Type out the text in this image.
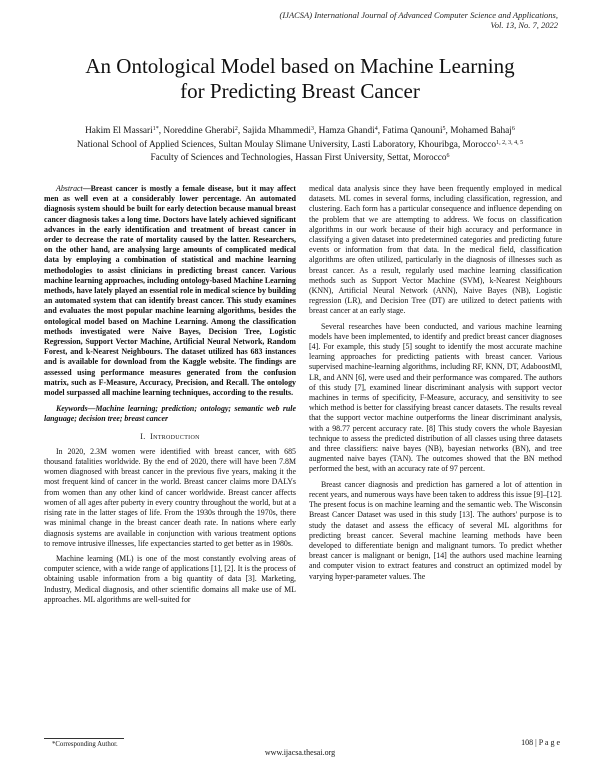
(IJACSA) International Journal of Advanced Computer Science and Applications,
Vol. 13, No. 7, 2022
An Ontological Model based on Machine Learning
for Predicting Breast Cancer
Hakim El Massari$^{1*}$, Noreddine Gherabi$^2$, Sajida Mhammedi$^3$, Hamza Ghandi$^4$, Fatima Qanouni$^5$, Mohamed Bahaj$^6$
National School of Applied Sciences, Sultan Moulay Slimane University, Lasti Laboratory, Khouribga, Morocco$^{1, 2, 3, 4, 5}$
Faculty of Sciences and Technologies, Hassan First University, Settat, Morocco$^6$

Abstract—Breast cancer is mostly a female disease, but it may affect men as well even at a considerably lower percentage. An automated diagnosis system should be built for early detection because manual breast cancer diagnosis takes a long time. Doctors have lately achieved significant advances in the early identification and treatment of breast cancer in order to decrease the rate of mortality caused by the latter. Researchers, on the other hand, are analysing large amounts of complicated medical data by employing a combination of statistical and machine learning methodologies to assist clinicians in predicting breast cancer. Various machine learning approaches, including ontology-based Machine Learning methods, have lately played an essential role in medical science by building an automated system that can identify breast cancer. This study examines and evaluates the most popular machine learning algorithms, besides the ontological model based on Machine Learning. Among the classification methods investigated were Naive Bayes, Decision Tree, Logistic Regression, Support Vector Machine, Artificial Neural Network, Random Forest, and k-Nearest Neighbours. The dataset utilized has 683 instances and is available for download from the Kaggle website. The findings are assessed using performance measures generated from the confusion matrix, such as F-Measure, Accuracy, Precision, and Recall. The ontology model surpassed all machine learning techniques, according to the results.

Keywords—Machine learning; prediction; ontology; semantic web rule language; decision tree; breast cancer

I. Introduction

In 2020, 2.3M women were identified with breast cancer, with 685 thousand fatalities worldwide. By the end of 2020, there will have been 7.8M women diagnosed with breast cancer in the previous five years, making it the most frequent kind of cancer in the world. Breast cancer claims more DALYs from women than any other kind of cancer worldwide. Breast cancer affects women of all ages after puberty in every country throughout the world, but at a rising rate in the latter stages of life. From the 1930s through the 1970s, there was minimal change in the breast cancer death rate. In nations where early diagnosis systems are available in conjunction with various treatment options to remove intrusive illnesses, life expectancies started to get better as in 1980s.

Machine learning (ML) is one of the most constantly evolving areas of computer science, with a wide range of applications [1], [2]. It is the process of obtaining usable information from a big quantity of data [3]. Marketing, Industry, Medical diagnosis, and other scientific domains all make use of ML approaches. ML algorithms are well-suited for

medical data analysis since they have been frequently employed in medical datasets. ML comes in several forms, including classification, regression, and clustering. Each form has a particular consequence and influence depending on the problem that we are attempting to address. We focus on classification algorithms in our work because of their high accuracy and performance in classifying a given dataset into predetermined categories and predicting future events or information from that data. In the medical field, classification algorithms are often utilized, particularly in the diagnosis of illnesses such as breast cancer. As a result, regularly used machine learning classification methods such as Support Vector Machine (SVM), k-Nearest Neighbours (KNN), Artificial Neural Network (ANN), Naive Bayes (NB), Logistic regression (LR), and Decision Tree (DT) are utilized to detect patients with breast cancer at an early stage.

Several researches have been conducted, and various machine learning models have been implemented, to identify and predict breast cancer diagnoses [4]. For example, this study [5] sought to identify the most accurate machine learning approaches for predicting patients with breast cancer. Various supervised machine-learning algorithms, including RF, KNN, DT, AdaboostMl, LR, and ANN [6], were used and their performance was compared. The authors of this study [7], examined linear discriminant analysis with support vector machines in terms of specificity, F-Measure, accuracy, and sensitivity to see which method is better for classifying breast cancer datasets. The results reveal that the support vector machine outperforms the linear discriminant analysis, with a 98.77 percent accuracy rate. [8] This study covers the whole Bayesian technique to assess the predicted distribution of all classes using three datasets and three classifiers: naive bayes (NB), bayesian networks (BN), and tree augmented naive bayes (TAN). The outcomes showed that the BN method performed the best, with an accuracy rate of 97 percent.

Breast cancer diagnosis and prediction has garnered a lot of attention in recent years, and numerous ways have been taken to address this issue [9]–[12]. The present focus is on machine learning and the semantic web. The Wisconsin Breast Cancer Dataset was used in this study [13]. The authors' purpose is to study the dataset and assess the efficacy of several ML algorithms for predicting breast cancer. Several machine learning methods have been developed to differentiate benign and malignant tumors. To predict whether breast cancer is malignant or benign, [14] the authors used machine learning and computer vision to extract features and construct an optimized model by varying hyper-parameter values. The

*Corresponding Author.	108 | P a g e
www.ijacsa.thesai.org
